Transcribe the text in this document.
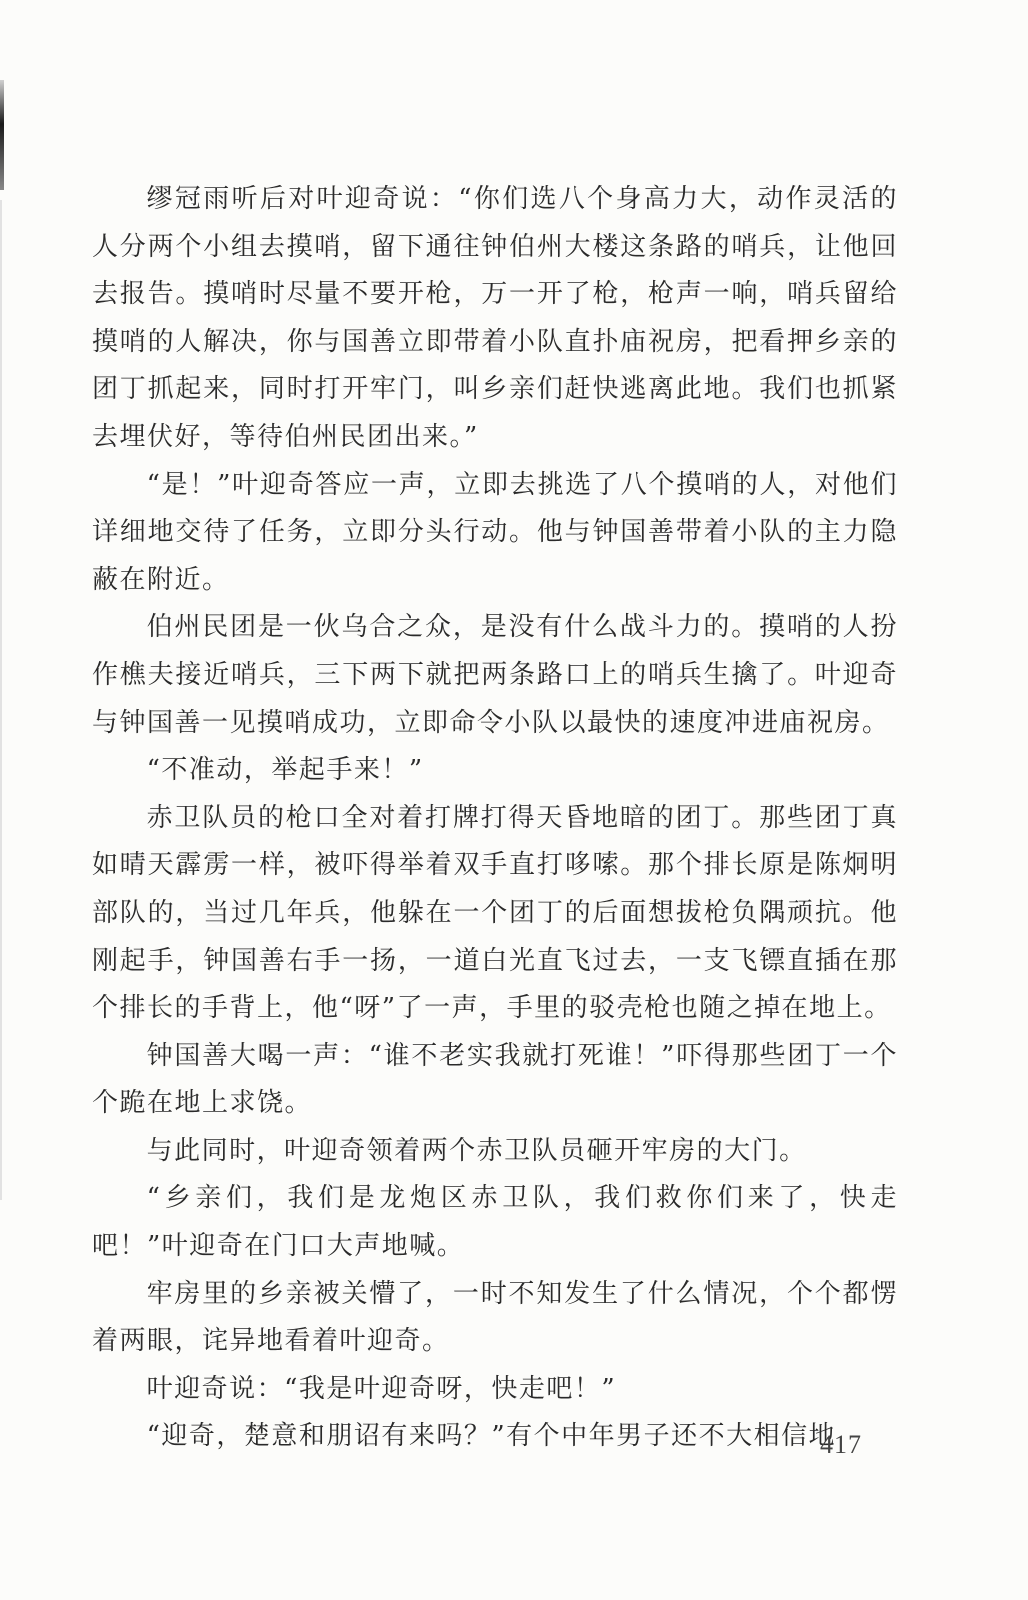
缪冠雨听后对叶迎奇说：“你们选八个身高力大，动作灵活的人分两个小组去摸哨，留下通往钟伯州大楼这条路的哨兵，让他回去报告。摸哨时尽量不要开枪，万一开了枪，枪声一响，哨兵留给摸哨的人解决，你与国善立即带着小队直扑庙祝房，把看押乡亲的团丁抓起来，同时打开牢门，叫乡亲们赶快逃离此地。我们也抓紧去埋伏好，等待伯州民团出来。”

“是！”叶迎奇答应一声，立即去挑选了八个摸哨的人，对他们详细地交待了任务，立即分头行动。他与钟国善带着小队的主力隐蔽在附近。

伯州民团是一伙乌合之众，是没有什么战斗力的。摸哨的人扮作樵夫接近哨兵，三下两下就把两条路口上的哨兵生擒了。叶迎奇与钟国善一见摸哨成功，立即命令小队以最快的速度冲进庙祝房。

“不准动，举起手来！”

赤卫队员的枪口全对着打牌打得天昏地暗的团丁。那些团丁真如晴天霹雳一样，被吓得举着双手直打哆嗦。那个排长原是陈炯明部队的，当过几年兵，他躲在一个团丁的后面想拔枪负隅顽抗。他刚起手，钟国善右手一扬，一道白光直飞过去，一支飞镖直插在那个排长的手背上，他“呀”了一声，手里的驳壳枪也随之掉在地上。

钟国善大喝一声：“谁不老实我就打死谁！”吓得那些团丁一个个跪在地上求饶。

与此同时，叶迎奇领着两个赤卫队员砸开牢房的大门。

“乡亲们，我们是龙炮区赤卫队，我们救你们来了，快走吧！”叶迎奇在门口大声地喊。

牢房里的乡亲被关懵了，一时不知发生了什么情况，个个都愣着两眼，诧异地看着叶迎奇。

叶迎奇说：“我是叶迎奇呀，快走吧！”

“迎奇，楚意和朋诏有来吗？”有个中年男子还不大相信地

417
